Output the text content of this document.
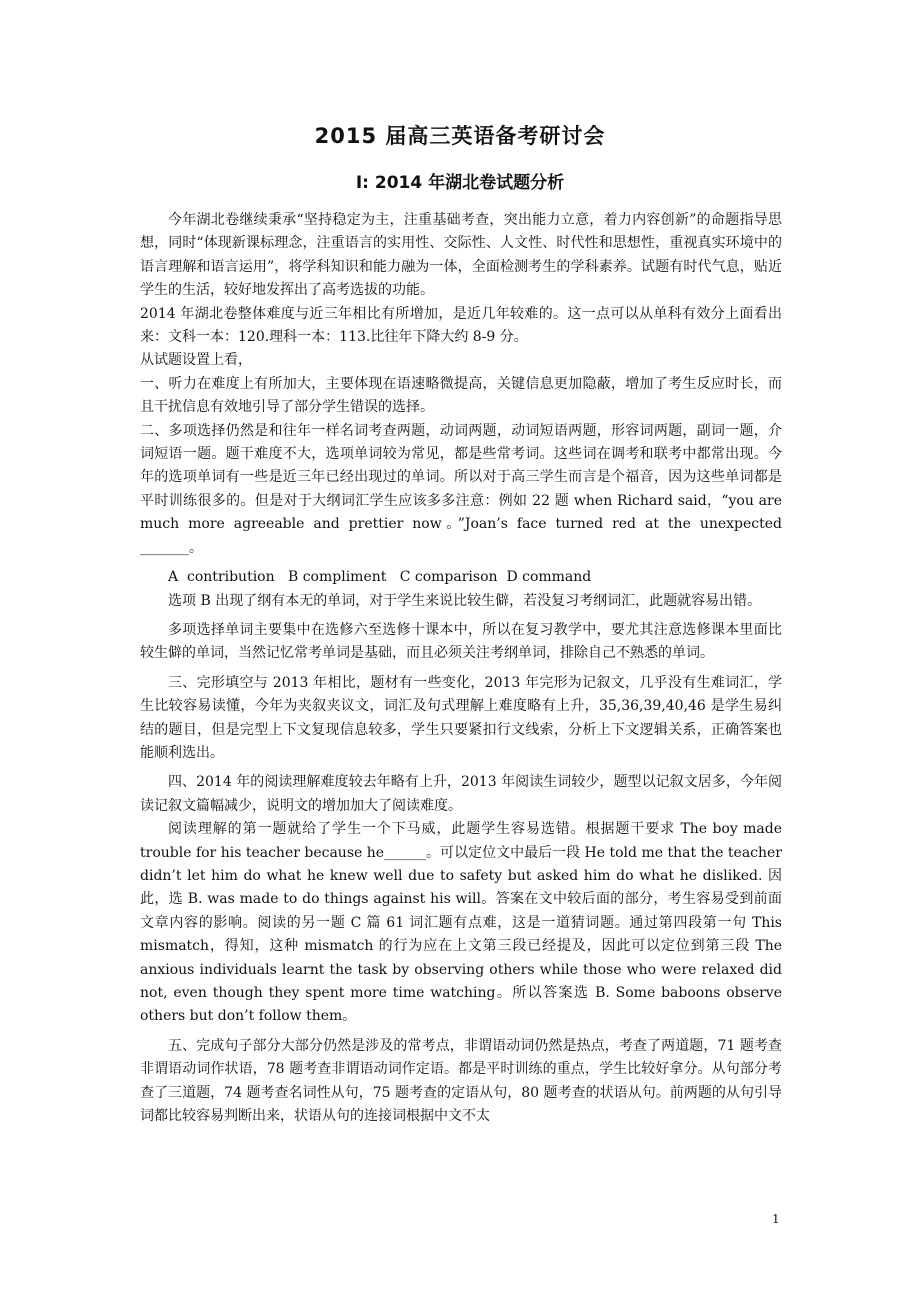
2015 届高三英语备考研讨会
I: 2014 年湖北卷试题分析

今年湖北卷继续秉承“坚持稳定为主，注重基础考查，突出能力立意，着力内容创新”的命题指导思想，同时“体现新课标理念，注重语言的实用性、交际性、人文性、时代性和思想性，重视真实环境中的语言理解和语言运用”，将学科知识和能力融为一体，全面检测考生的学科素养。试题有时代气息，贴近学生的生活，较好地发挥出了高考选拔的功能。

2014 年湖北卷整体难度与近三年相比有所增加，是近几年较难的。这一点可以从单科有效分上面看出来：文科一本：120.理科一本：113.比往年下降大约 8-9 分。

从试题设置上看，

一、听力在难度上有所加大，主要体现在语速略微提高，关键信息更加隐蔽，增加了考生反应时长，而且干扰信息有效地引导了部分学生错误的选择。

二、多项选择仍然是和往年一样名词考查两题，动词两题，动词短语两题，形容词两题，副词一题，介词短语一题。题干难度不大，选项单词较为常见，都是些常考词。这些词在调考和联考中都常出现。今年的选项单词有一些是近三年已经出现过的单词。所以对于高三学生而言是个福音，因为这些单词都是平时训练很多的。但是对于大纲词汇学生应该多多注意：例如 22 题 when Richard said，“you are much more agreeable and prettier now。”Joan’s face turned red at the unexpected _______。

A  contribution   B compliment   C comparison  D command

选项 B 出现了纲有本无的单词，对于学生来说比较生僻，若没复习考纲词汇，此题就容易出错。

多项选择单词主要集中在选修六至选修十课本中，所以在复习教学中，要尤其注意选修课本里面比较生僻的单词，当然记忆常考单词是基础，而且必须关注考纲单词，排除自己不熟悉的单词。

三、完形填空与 2013 年相比，题材有一些变化，2013 年完形为记叙文，几乎没有生难词汇，学生比较容易读懂，今年为夹叙夹议文，词汇及句式理解上难度略有上升，35,36,39,40,46 是学生易纠结的题目，但是完型上下文复现信息较多，学生只要紧扣行文线索，分析上下文逻辑关系，正确答案也能顺利选出。

四、2014 年的阅读理解难度较去年略有上升，2013 年阅读生词较少，题型以记叙文居多，今年阅读记叙文篇幅减少，说明文的增加加大了阅读难度。

阅读理解的第一题就给了学生一个下马威，此题学生容易选错。根据题干要求 The boy made trouble for his teacher because he______。可以定位文中最后一段 He told me that the teacher didn’t let him do what he knew well due to safety but asked him do what he disliked. 因此，选 B. was made to do things against his will。答案在文中较后面的部分，考生容易受到前面文章内容的影响。阅读的另一题 C 篇 61 词汇题有点难，这是一道猜词题。通过第四段第一句 This mismatch，得知，这种 mismatch 的行为应在上文第三段已经提及，因此可以定位到第三段 The anxious individuals learnt the task by observing others while those who were relaxed did not, even though they spent more time watching。所以答案选 B. Some baboons observe others but don’t follow them。

五、完成句子部分大部分仍然是涉及的常考点，非谓语动词仍然是热点，考查了两道题，71 题考查非谓语动词作状语，78 题考查非谓语动词作定语。都是平时训练的重点，学生比较好拿分。从句部分考查了三道题，74 题考查名词性从句，75 题考查的定语从句，80 题考查的状语从句。前两题的从句引导词都比较容易判断出来，状语从句的连接词根据中文不太

1
